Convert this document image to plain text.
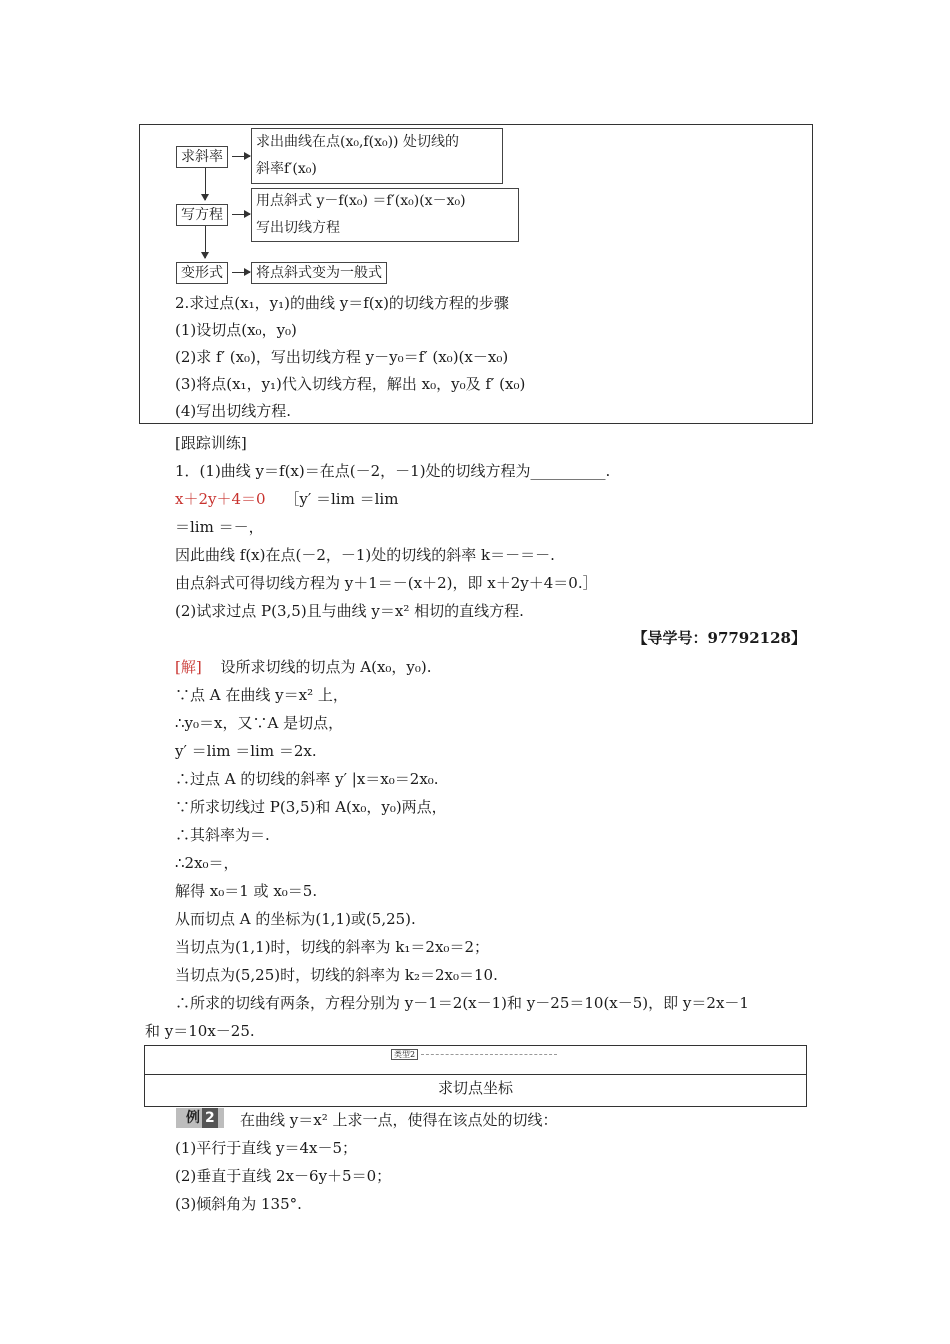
求斜率
求出曲线在点(x₀,f(x₀)) 处切线的
斜率f′(x₀)
写方程
用点斜式 y－f(x₀) ＝f′(x₀)(x－x₀)
写出切线方程
变形式	将点斜式变为一般式
2.求过点(x₁，y₁)的曲线 y＝f(x)的切线方程的步骤
(1)设切点(x₀，y₀)
(2)求 f′ (x₀)，写出切线方程 y－y₀＝f′ (x₀)(x－x₀)
(3)将点(x₁，y₁)代入切线方程，解出 x₀，y₀及 f′ (x₀)
(4)写出切线方程.
[跟踪训练]
1．(1)曲线 y＝f(x)＝在点(－2，－1)处的切线方程为__________.
x＋2y＋4＝0 ［y′ ＝lim ＝lim
＝lim ＝－，
因此曲线 f(x)在点(－2，－1)处的切线的斜率 k＝－＝－.
由点斜式可得切线方程为 y＋1＝－(x＋2)，即 x＋2y＋4＝0.］
(2)试求过点 P(3,5)且与曲线 y＝x² 相切的直线方程.
【导学号：97792128】
[解] 设所求切线的切点为 A(x₀，y₀).
∵点 A 在曲线 y＝x² 上，
∴y₀＝x，又∵A 是切点，
y′ ＝lim ＝lim ＝2x.
∴过点 A 的切线的斜率 y′ |x＝x₀＝2x₀.
∵所求切线过 P(3,5)和 A(x₀，y₀)两点，
∴其斜率为＝.
∴2x₀＝，
解得 x₀＝1 或 x₀＝5.
从而切点 A 的坐标为(1,1)或(5,25).
当切点为(1,1)时，切线的斜率为 k₁＝2x₀＝2；
当切点为(5,25)时，切线的斜率为 k₂＝2x₀＝10.
∴所求的切线有两条，方程分别为 y－1＝2(x－1)和 y－25＝10(x－5)，即 y＝2x－1
和 y＝10x－25.
类型2
求切点坐标
例 2	在曲线 y＝x² 上求一点，使得在该点处的切线：
(1)平行于直线 y＝4x－5；
(2)垂直于直线 2x－6y＋5＝0；
(3)倾斜角为 135°.
